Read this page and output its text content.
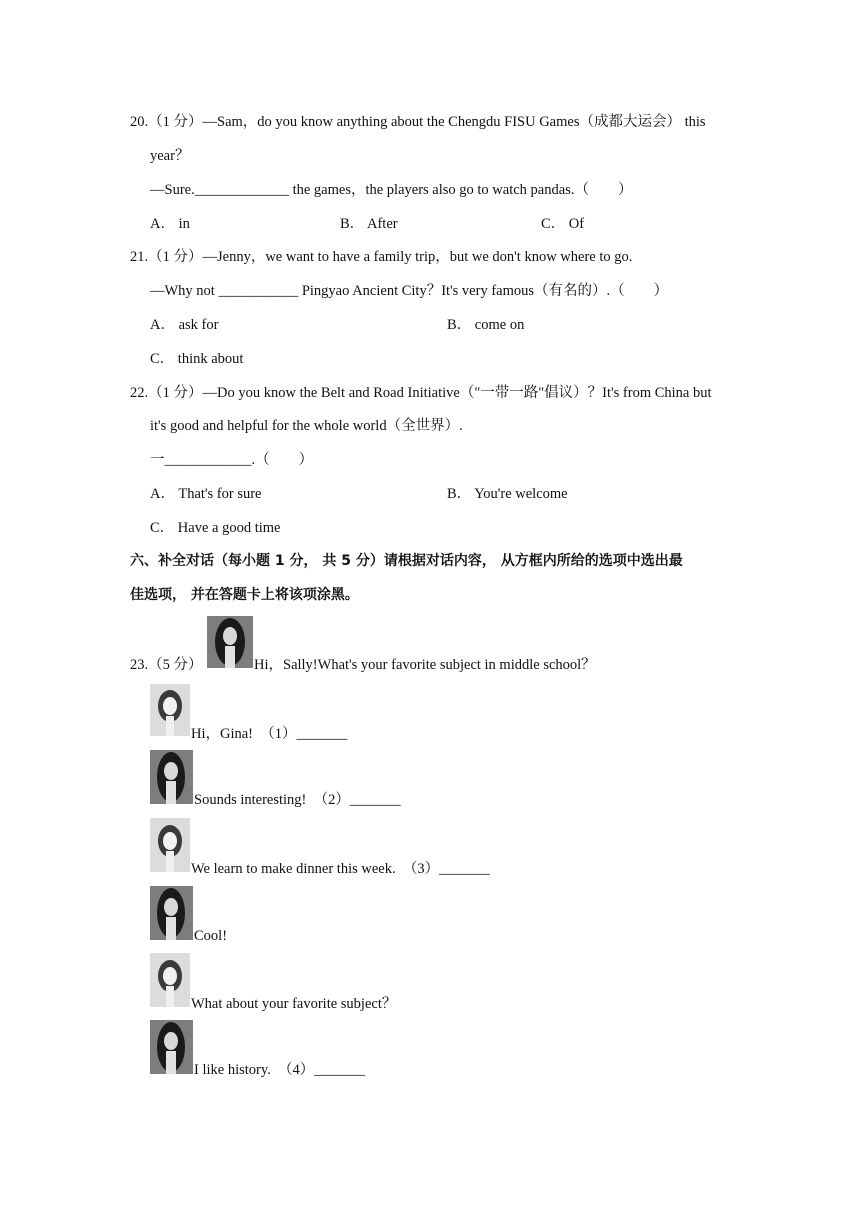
20.（1 分）—Sam，do you know anything about the Chengdu FISU Games（成都大运会） this
year？
—Sure._____________ the games，the players also go to watch pandas.（　　）
A． in	B． After	C． Of
21.（1 分）—Jenny，we want to have a family trip，but we don't know where to go.
—Why not ___________ Pingyao Ancient City？It's very famous（有名的）.（　　）
A． ask for	B． come on
C． think about
22.（1 分）—Do you know the Belt and Road Initiative（"一带一路"倡议）？It's from China but
it's good and helpful for the whole world（全世界）.
一____________.（　　）
A． That's for sure	B． You're welcome
C． Have a good time
六、补全对话（每小题 1 分， 共 5 分）请根据对话内容， 从方框内所给的选项中选出最
佳选项， 并在答题卡上将该项涂黑。
23.（5 分）	Hi，Sally!What's your favorite subject in middle school？
Hi，Gina!　（1）_______
Sounds interesting!　（2）_______
We learn to make dinner this week.　（3）_______
Cool!
What about your favorite subject？
I like history.　（4）_______
